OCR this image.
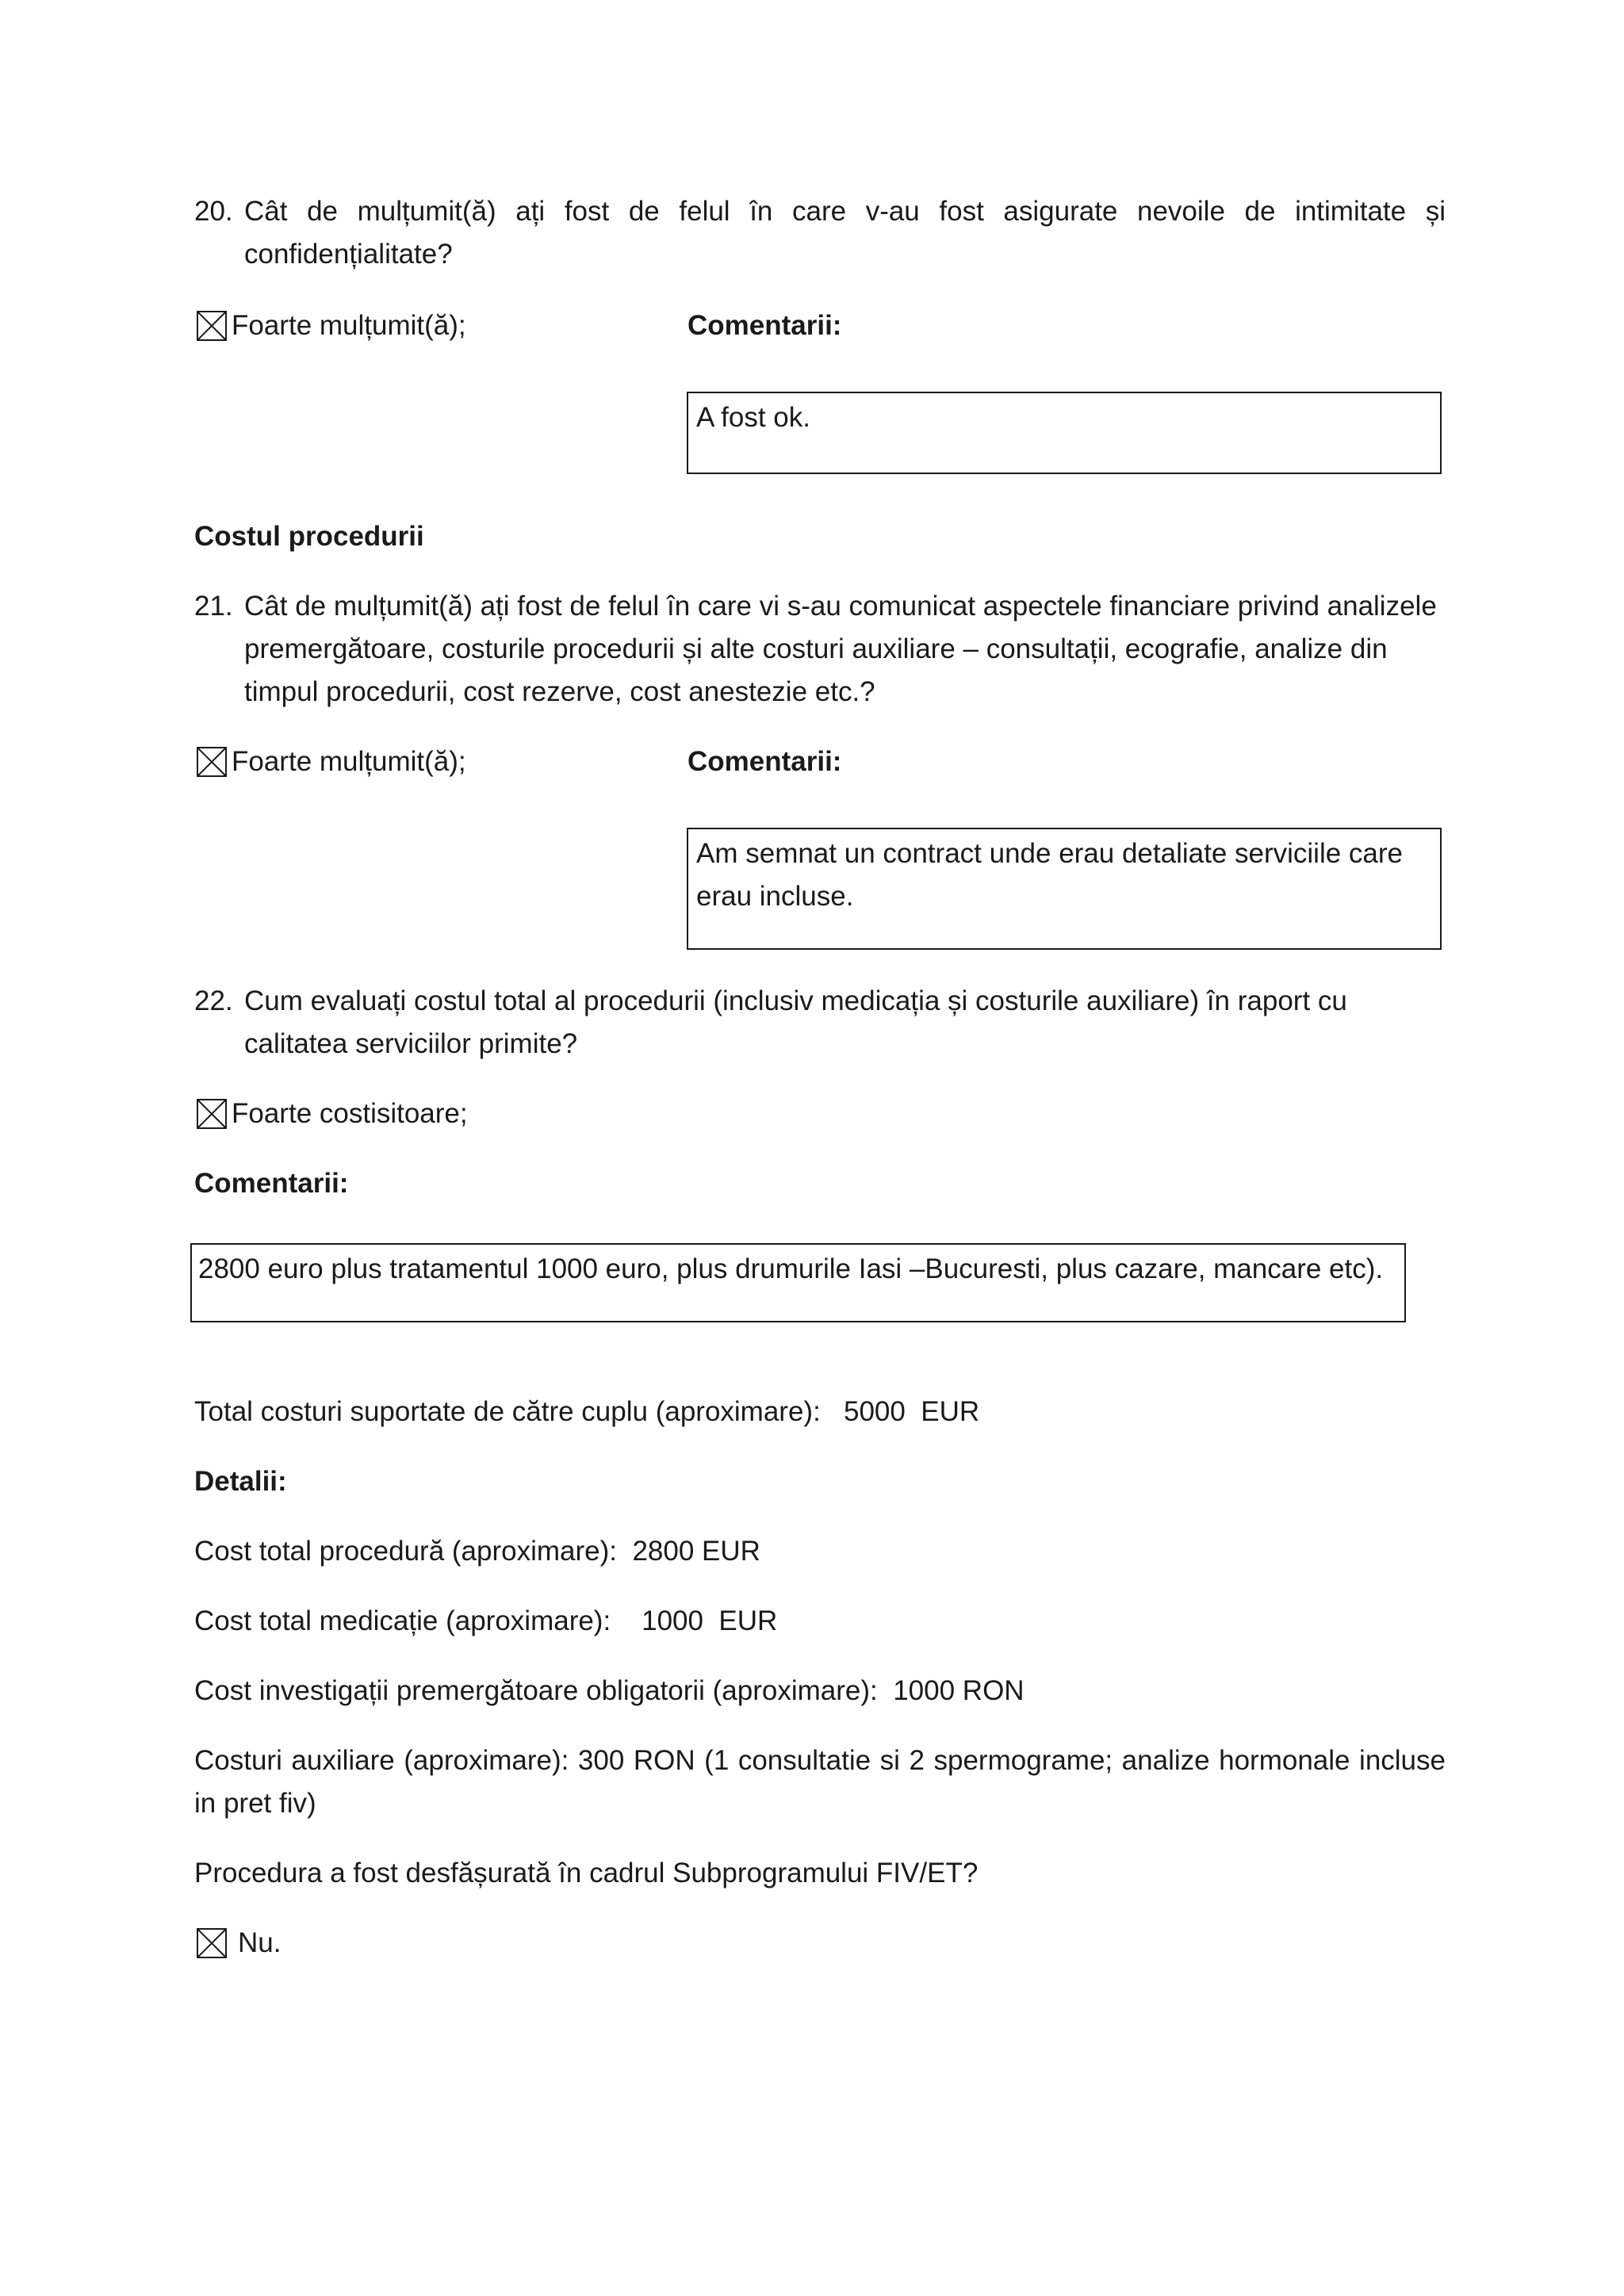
20. Cât de mulțumit(ă) ați fost de felul în care v-au fost asigurate nevoile de intimitate și
confidențialitate?
Foarte mulțumit(ă);	Comentarii:
A fost ok.
Costul procedurii
21. Cât de mulțumit(ă) ați fost de felul în care vi s-au comunicat aspectele financiare privind analizele
premergătoare, costurile procedurii și alte costuri auxiliare – consultații, ecografie, analize din
timpul procedurii, cost rezerve, cost anestezie etc.?
Foarte mulțumit(ă);	Comentarii:
Am semnat un contract unde erau detaliate serviciile care
erau incluse.
22. Cum evaluați costul total al procedurii (inclusiv medicația și costurile auxiliare) în raport cu
calitatea serviciilor primite?
Foarte costisitoare;
Comentarii:
2800 euro plus tratamentul 1000 euro, plus drumurile Iasi –Bucuresti, plus cazare, mancare etc).
Total costuri suportate de către cuplu (aproximare): 5000  EUR
Detalii:
Cost total procedură (aproximare): 2800 EUR
Cost total medicație (aproximare): 1000  EUR
Cost investigații premergătoare obligatorii (aproximare): 1000 RON
Costuri auxiliare (aproximare): 300 RON (1 consultatie si 2 spermograme; analize hormonale incluse
in pret fiv)
Procedura a fost desfășurată în cadrul Subprogramului FIV/ET?
Nu.
